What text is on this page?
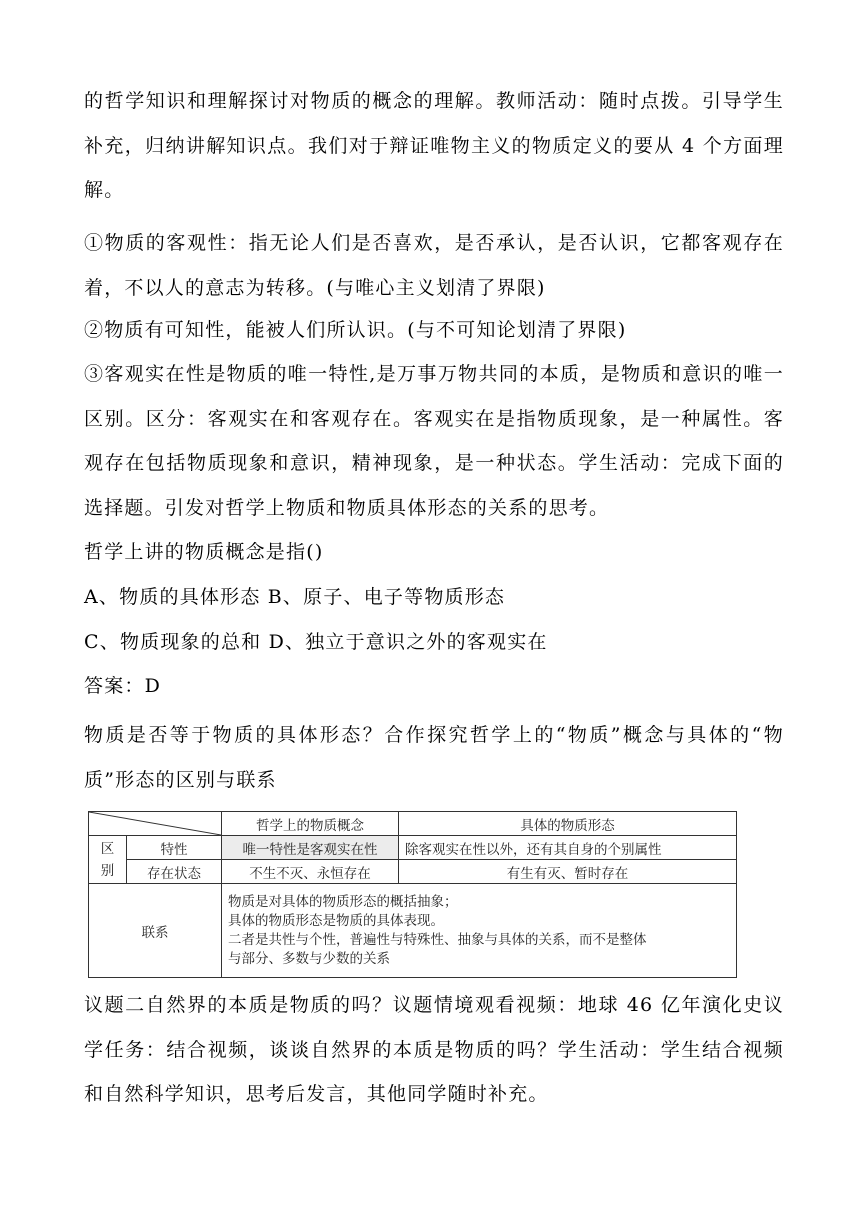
的哲学知识和理解探讨对物质的概念的理解。教师活动：随时点拨。引导学生补充，归纳讲解知识点。我们对于辩证唯物主义的物质定义的要从 4 个方面理解。

①物质的客观性：指无论人们是否喜欢，是否承认，是否认识，它都客观存在着，不以人的意志为转移。(与唯心主义划清了界限)

②物质有可知性，能被人们所认识。(与不可知论划清了界限)

③客观实在性是物质的唯一特性,是万事万物共同的本质，是物质和意识的唯一区别。区分：客观实在和客观存在。客观实在是指物质现象，是一种属性。客观存在包括物质现象和意识，精神现象，是一种状态。学生活动：完成下面的选择题。引发对哲学上物质和物质具体形态的关系的思考。

哲学上讲的物质概念是指()

A、物质的具体形态 B、原子、电子等物质形态

C、物质现象的总和 D、独立于意识之外的客观实在

答案：D

物质是否等于物质的具体形态？合作探究哲学上的“物质”概念与具体的“物质”形态的区别与联系

	哲学上的物质概念	具体的物质形态
区
别	特性	唯一特性是客观实在性	除客观实在性以外，还有其自身的个别属性
	存在状态	不生不灭、永恒存在	有生有灭、暂时存在
联系		物质是对具体的物质形态的概括抽象；
具体的物质形态是物质的具体表现。
二者是共性与个性，普遍性与特殊性、抽象与具体的关系，而不是整体
与部分、多数与少数的关系	

议题二自然界的本质是物质的吗？议题情境观看视频：地球 46 亿年演化史议学任务：结合视频，谈谈自然界的本质是物质的吗？学生活动：学生结合视频和自然科学知识，思考后发言，其他同学随时补充。
